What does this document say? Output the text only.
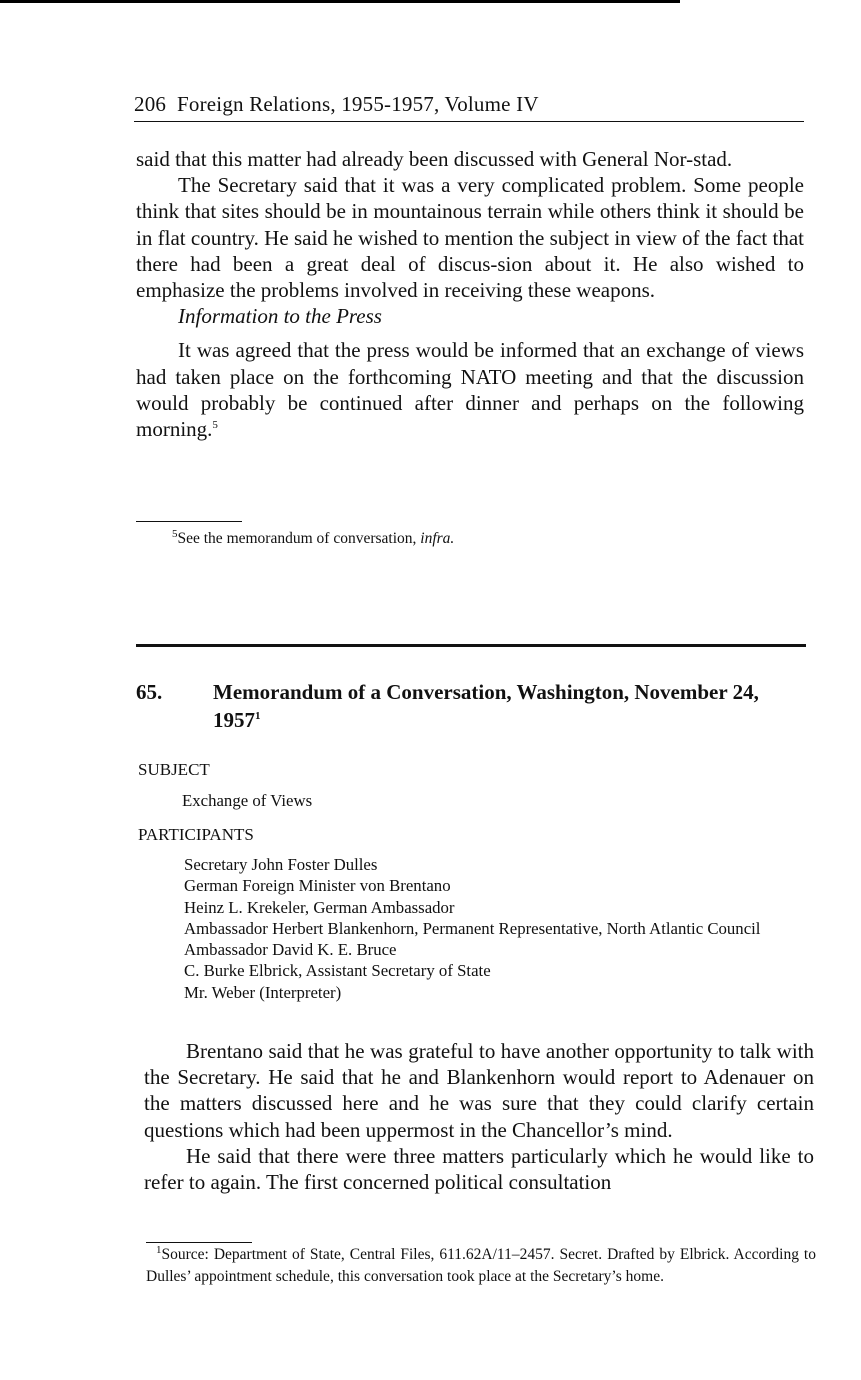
206 Foreign Relations, 1955-1957, Volume IV

said that this matter had already been discussed with General Nor-stad.

The Secretary said that it was a very complicated problem. Some people think that sites should be in mountainous terrain while others think it should be in flat country. He said he wished to mention the subject in view of the fact that there had been a great deal of discus-sion about it. He also wished to emphasize the problems involved in receiving these weapons.

Information to the Press

It was agreed that the press would be informed that an exchange of views had taken place on the forthcoming NATO meeting and that the discussion would probably be continued after dinner and perhaps on the following morning.$^5$

$^5$See the memorandum of conversation, infra.
65. Memorandum of a Conversation, Washington, November 24, 1957$^1$
SUBJECT
Exchange of Views
PARTICIPANTS
Secretary John Foster Dulles
German Foreign Minister von Brentano
Heinz L. Krekeler, German Ambassador
Ambassador Herbert Blankenhorn, Permanent Representative, North Atlantic Council
Ambassador David K. E. Bruce
C. Burke Elbrick, Assistant Secretary of State
Mr. Weber (Interpreter)

Brentano said that he was grateful to have another opportunity to talk with the Secretary. He said that he and Blankenhorn would report to Adenauer on the matters discussed here and he was sure that they could clarify certain questions which had been uppermost in the Chancellor’s mind.

He said that there were three matters particularly which he would like to refer to again. The first concerned political consultation

$^1$Source: Department of State, Central Files, 611.62A/11–2457. Secret. Drafted by Elbrick. According to Dulles’ appointment schedule, this conversation took place at the Secretary’s home.
